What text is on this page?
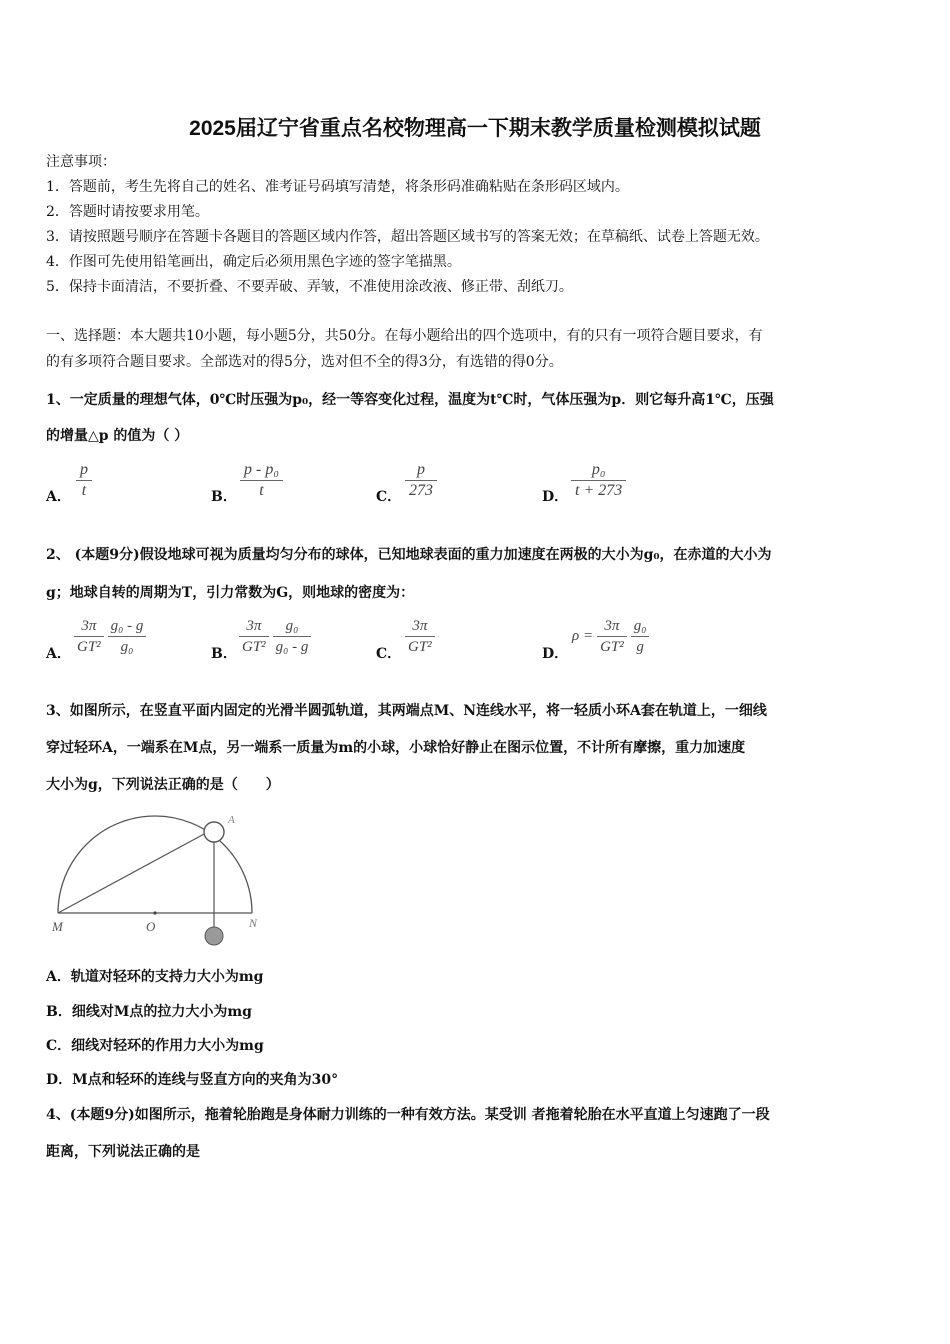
2025届辽宁省重点名校物理高一下期末教学质量检测模拟试题
注意事项：
1．答题前，考生先将自己的姓名、准考证号码填写清楚，将条形码准确粘贴在条形码区域内。
2．答题时请按要求用笔。
3．请按照题号顺序在答题卡各题目的答题区域内作答，超出答题区域书写的答案无效；在草稿纸、试卷上答题无效。
4．作图可先使用铅笔画出，确定后必须用黑色字迹的签字笔描黑。
5．保持卡面清洁，不要折叠、不要弄破、弄皱，不准使用涂改液、修正带、刮纸刀。
一、选择题：本大题共10小题，每小题5分，共50分。在每小题给出的四个选项中，有的只有一项符合题目要求，有
的有多项符合题目要求。全部选对的得5分，选对但不全的得3分，有选错的得0分。
1、一定质量的理想气体，0℃时压强为p₀，经一等容变化过程，温度为t℃时，气体压强为p．则它每升高1℃，压强
的增量△p 的值为（ ）
A．
p
t	B．
p - p₀
t	C．
p
273	D．
p₀
t + 273
2、 (本题9分)假设地球可视为质量均匀分布的球体，已知地球表面的重力加速度在两极的大小为g₀，在赤道的大小为
g；地球自转的周期为T，引力常数为G，则地球的密度为：
A．
3π
GT²
g₀ - g
g₀	B．
3π
GT²
g₀
g₀ - g	C．
3π
GT²	D．
ρ =
3π
GT²
g₀
g
3、如图所示，在竖直平面内固定的光滑半圆弧轨道，其两端点M、N连线水平，将一轻质小环A套在轨道上，一细线
穿过轻环A，一端系在M点，另一端系一质量为m的小球，小球恰好静止在图示位置，不计所有摩擦，重力加速度
大小为g，下列说法正确的是（　　）
M	O	N
A
A．轨道对轻环的支持力大小为mg
B．细线对M点的拉力大小为mg
C．细线对轻环的作用力大小为mg
D．M点和轻环的连线与竖直方向的夹角为30°
4、(本题9分)如图所示，拖着轮胎跑是身体耐力训练的一种有效方法。某受训 者拖着轮胎在水平直道上匀速跑了一段
距离，下列说法正确的是
